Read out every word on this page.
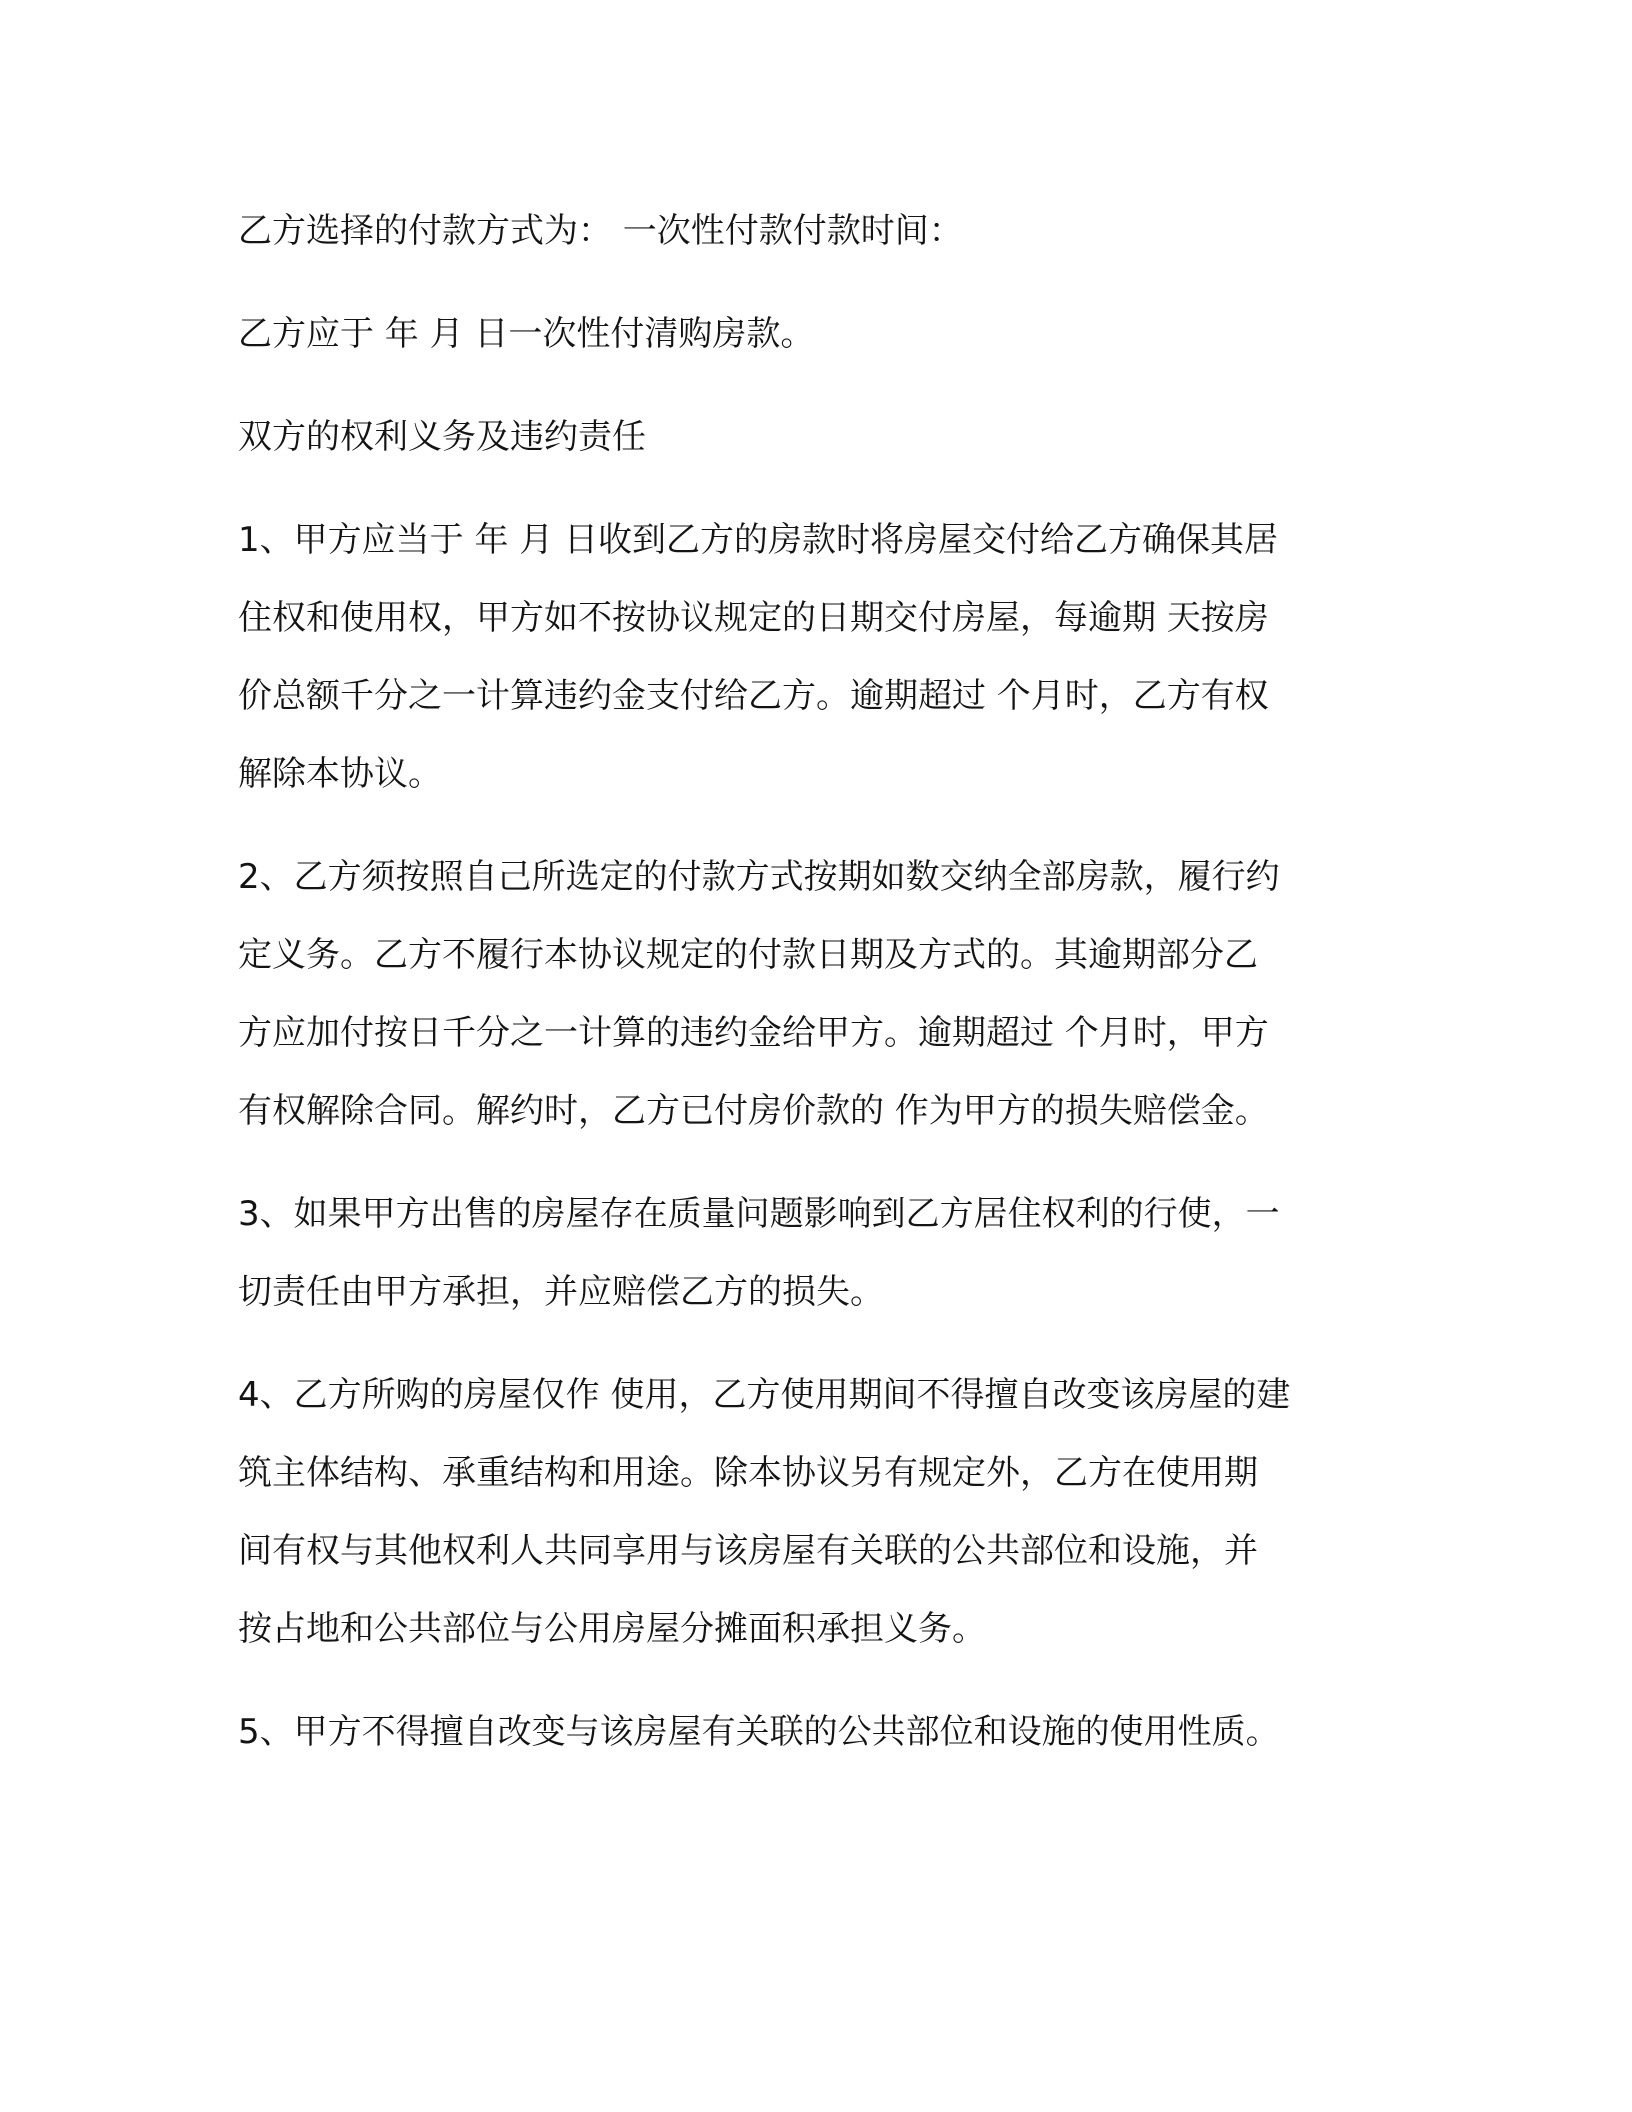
乙方选择的付款方式为： 一次性付款付款时间：

乙方应于 年 月 日一次性付清购房款。

双方的权利义务及违约责任

1、甲方应当于 年 月 日收到乙方的房款时将房屋交付给乙方确保其居
住权和使用权，甲方如不按协议规定的日期交付房屋，每逾期 天按房
价总额千分之一计算违约金支付给乙方。逾期超过 个月时，乙方有权
解除本协议。

2、乙方须按照自己所选定的付款方式按期如数交纳全部房款，履行约
定义务。乙方不履行本协议规定的付款日期及方式的。其逾期部分乙
方应加付按日千分之一计算的违约金给甲方。逾期超过 个月时，甲方
有权解除合同。解约时，乙方已付房价款的 作为甲方的损失赔偿金。

3、如果甲方出售的房屋存在质量问题影响到乙方居住权利的行使，一
切责任由甲方承担，并应赔偿乙方的损失。

4、乙方所购的房屋仅作 使用，乙方使用期间不得擅自改变该房屋的建
筑主体结构、承重结构和用途。除本协议另有规定外，乙方在使用期
间有权与其他权利人共同享用与该房屋有关联的公共部位和设施，并
按占地和公共部位与公用房屋分摊面积承担义务。

5、甲方不得擅自改变与该房屋有关联的公共部位和设施的使用性质。
